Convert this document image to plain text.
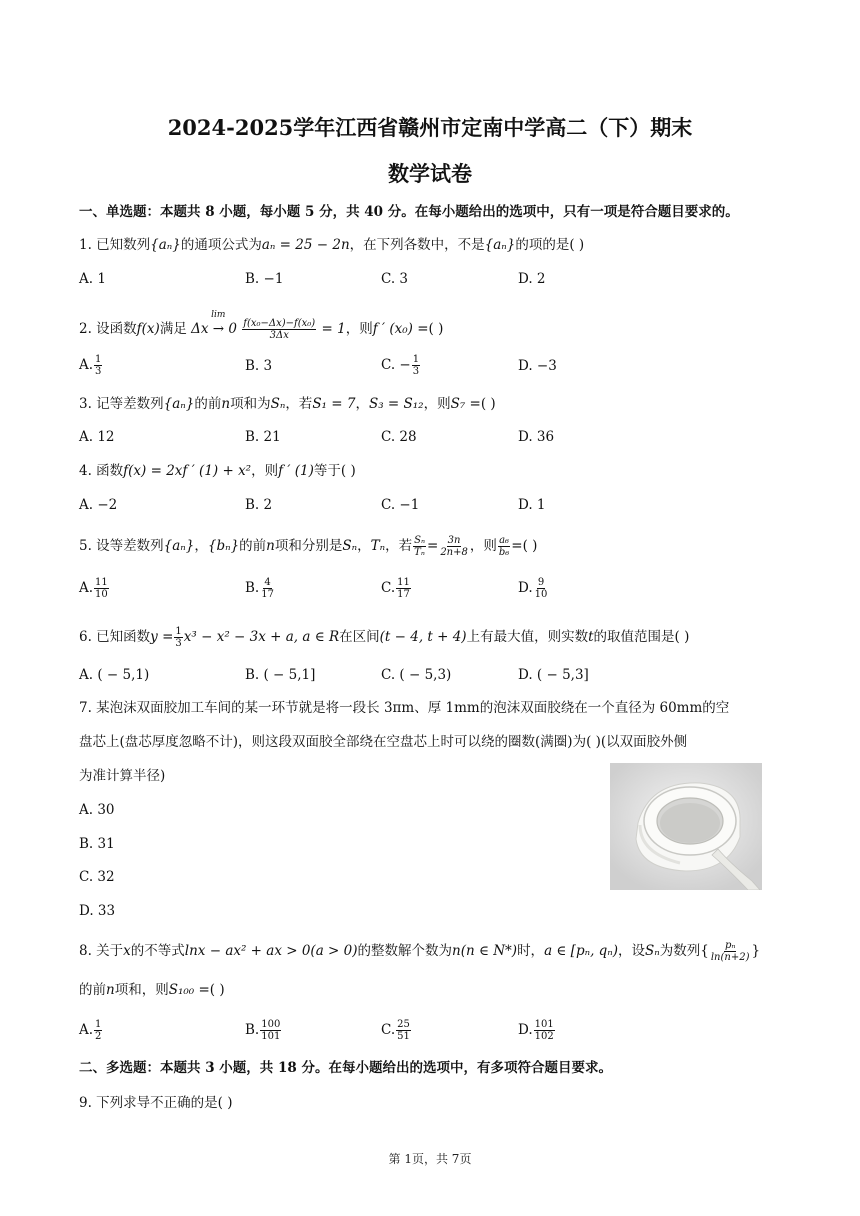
2024-2025学年江西省赣州市定南中学高二（下）期末
数学试卷
一、单选题：本题共 8 小题，每小题 5 分，共 40 分。在每小题给出的选项中，只有一项是符合题目要求的。
1. 已知数列{aₙ}的通项公式为aₙ = 25 − 2n，在下列各数中，不是{aₙ}的项的是( )
A. 1	B. −1	C. 3	D. 2
2. 设函数f(x)满足
lim
$\Delta x \to 0 \frac{\text{f(x₀−Δx)−f(x₀)}}{3\Delta x} = 1$，则f ′ (x₀) =( )
A. $\frac{1}{3}$	B. 3	C. − $\frac{1}{3}$	D. −3
3. 记等差数列{aₙ}的前n项和为Sₙ，若S₁ = 7，S₃ = S₁₂，则S₇ =( )
A. 12	B. 21	C. 28	D. 36
4. 函数f(x) = 2xf ′ (1) + x²，则f ′ (1)等于( )
A. −2	B. 2	C. −1	D. 1
5. 设等差数列{aₙ}，{bₙ}的前n项和分别是Sₙ，Tₙ，若 $\frac{\text{Sₙ}}{\text{Tₙ}} = \frac{3n}{2n+8}$ ，则 $\frac{\text{a₆}}{\text{b₆}}$ =( )
A. $\frac{11}{10}$	B. $\frac{4}{17}$	C. $\frac{11}{17}$	D. $\frac{9}{10}$
6. 已知函数$y = \frac{1}{3} x^3 - x^2 - 3x + a$, a ∈ R在区间(t − 4, t + 4)上有最大值，则实数t的取值范围是( )
A. ( − 5,1)	B. ( − 5,1]	C. ( − 5,3)	D. ( − 5,3]
7. 某泡沫双面胶加工车间的某一环节就是将一段长 3πm、厚 1mm的泡沫双面胶绕在一个直径为 60mm的空
盘芯上(盘芯厚度忽略不计)，则这段双面胶全部绕在空盘芯上时可以绕的圈数(满圈)为( )(以双面胶外侧
为准计算半径)
A. 30
B. 31
C. 32
D. 33
8. 关于x的不等式lnx − ax² + ax > 0(a > 0)的整数解个数为n(n ∈ N*)时，a ∈ [pₙ, qₙ)，设Sₙ为数列{ $\frac{\text{pₙ}}{\ln(n+2)}$ }
的前n项和，则S₁₀₀ =( )
A. $\frac{1}{2}$	B. $\frac{100}{101}$	C. $\frac{25}{51}$	D. $\frac{101}{102}$
二、多选题：本题共 3 小题，共 18 分。在每小题给出的选项中，有多项符合题目要求。
9. 下列求导不正确的是( )
第 1页，共 7页
